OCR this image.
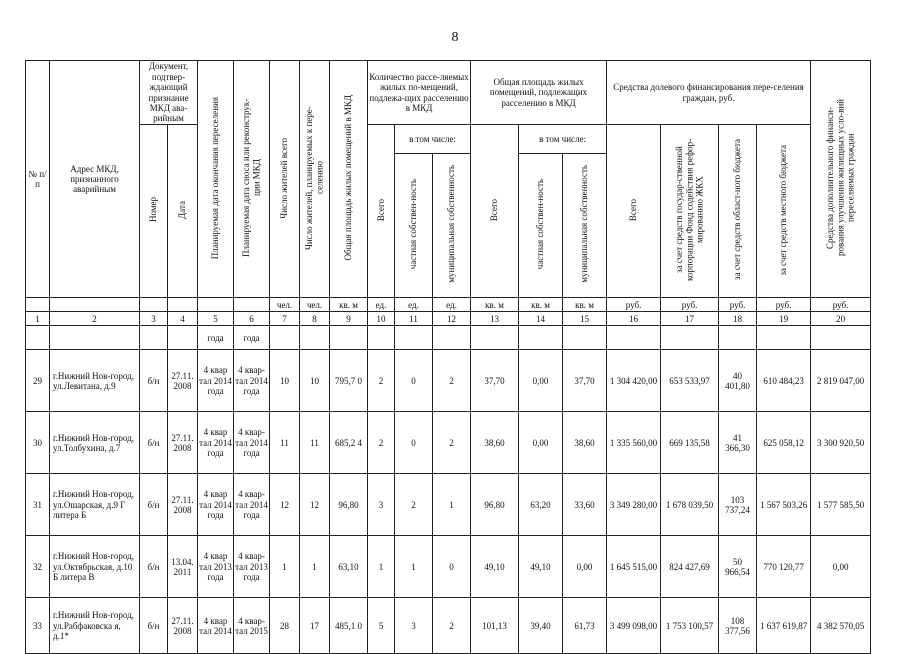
8
№ п/п	Адрес МКД, признанного аварийным	Документ, подтвер-ждающий признание МКД ава-рийным		Планируемая дата окончания переселения	Планируемая дата сноса или реконструк-ции МКД	Число жителей всего	Число жителей, планируемых к пере-селению	Общая площадь жилых помещений в МКД	Количество рассе-ляемых жилых по-мещений, подлежа-щих расселению в МКД			Общая площадь жилых помещений, подлежащих расселению в МКД			Средства долевого финансирования пере-селения граждан, руб.				Средства дополнительного финанси-рования улучшения жилищных усло-вий переселяемых граждан
		Номер	Дата						Всего	в том числе:		Всего	в том числе:		Всего	за счет средств государ-ственной корпорации Фонд содействия рефор-мированию ЖКХ	за счет средств област-ного бюджета	за счет средств местного бюджета	
										частная собствен-ность	муниципальная собственность		частная собствен-ность	муниципальная собственность					
						чел.	чел.	кв. м	ед.	ед.	ед.	кв. м	кв. м	кв. м	руб.	руб.	руб.	руб.	руб.
1	2	3	4	5	6	7	8	9	10	11	12	13	14	15	16	17	18	19	20
				года	года														
29	г.Нижний Нов-город, ул.Левитана, д.9	б/н	27.11. 2008	4 квар тал 2014 года	4 квар-тал 2014 года	10	10	795,7 0	2	0	2	37,70	0,00	37,70	1 304 420,00	653 533,97	40 401,80	610 484,23	2 819 047,00
30	г.Нижний Нов-город, ул.Толбухина, д.7	б/н	27.11. 2008	4 квар тал 2014 года	4 квар-тал 2014 года	11	11	685,2 4	2	0	2	38,60	0,00	38,60	1 335 560,00	669 135,58	41 366,30	625 058,12	3 300 920,50
31	г.Нижний Нов-город, ул.Ошарская, д.9 Г литера Б	б/н	27.11. 2008	4 квар тал 2014 года	4 квар-тал 2014 года	12	12	96,80	3	2	1	96,80	63,20	33,60	3 349 280,00	1 678 039,50	103 737,24	1 567 503,26	1 577 585,50
32	г.Нижний Нов-город, ул.Октябрьская, д.10 Б литера В	б/н	13.04. 2011	4 квар тал 2013 года	4 квар-тал 2013 года	1	1	63,10	1	1	0	49,10	49,10	0,00	1 645 515,00	824 427,69	50 966,54	770 120,77	0,00
33	г.Нижний Нов-город, ул.Рабфаковска я, д.1*	б/н	27.11. 2008	4 квар тал 2014	4 квар-тал 2015	28	17	485,1 0	5	3	2	101,13	39,40	61,73	3 499 098,00	1 753 100,57	108 377,56	1 637 619,87	4 382 570,05
